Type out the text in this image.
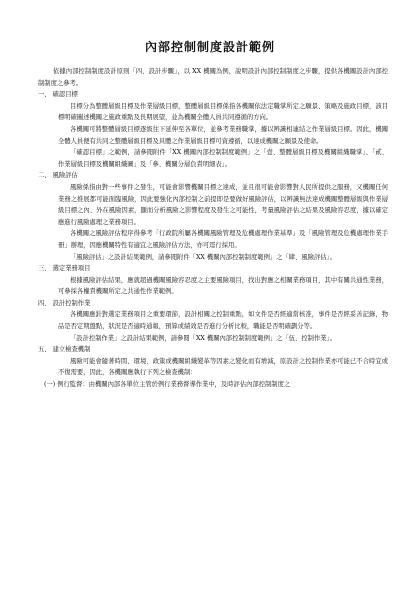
內部控制制度設計範例

依據內部控制制度設計原則「四、設計步驟」，以 XX 機關為例，說明設計內部控制制度之步驟，提供各機關設計內部控制制度之參考。

一、 確認目標

目標分為整體層級目標及作業層級目標，整體層級目標係指各機關依法定職掌所定之願景、策略及施政目標，該目標明確闡述機關之施政重點及長期展望，並為機關全體人員共同遵循的方向。

各機關可將整體層級目標逐級往下延伸至各單位，並參考業務職掌，據以辨識相連結之作業層級目標。因此，機關全體人員便有共同之整體層級目標及具體之作業層級目標可資遵循，以達成機關之願景及使命。

「確認目標」之範例，請參閱附件「XX 機關內部控制制度範例」之「壹、整體層級目標及機關組織職掌」、「貳、作業層級目標及機關組織圖」及「參、機關分層負責明細表」。

二、 風險評估

風險係指由對一些事件之發生，可能會影響機關目標之達成，並且很可能會影響對人民所提供之服務，又機關任何業務之推展都可能面臨風險，因此要強化內部控制之前提即是要做好風險評估，以辨識無法達成機關整體層級與作業層級目標之內、外在風險因素，顯而分析風險之影響程度及發生之可能性，考量風險評估之結果及風險容忍度，據以確定應進行風險處理之業務項目。

各機關之風險評估程序得參考「行政院所屬各機關風險管理及危機處理作業基準」及「風險管理及危機處理作業手冊」辦理，因應機關特性有適宜之風險評估方法，亦可逕行採用。

「風險評估」之設計結果範例，請參閱附件「XX 機關內部控制制度範例」之「肆、風險評估」。

三、 選定業務項目

根據風險評估結果，應就超過機關風險容忍度之主要風險項目，找出對應之相關業務項目，其中有關共通性業務，可參採各權責機關所定之共通性作業範例。

四、 設計控制作業

各機關應針對選定業務項目之重要環節，設計相關之控制重點，如文件是否經適當核准，事件是否經妥善記錄，物品是否定期盤點，狀況是否適時通報，預算或績效是否進行分析比較，職能是否明確劃分等。

「設計控制作業」之設計結果範例，請參閱「XX 機關內部控制制度範例」之「伍、控制作業」。

五、 建立檢查機制

風險可能會隨著時間、環境、政策或機關組織變革等因素之變化而有增減，原設計之控制作業亦可能已不合時宜或不復需要，因此，各機關應執行下列之檢查機制：

(一) 例行監督：由機關內部各單位主管於例行業務督導作業中，及時評估內部控制制度之
